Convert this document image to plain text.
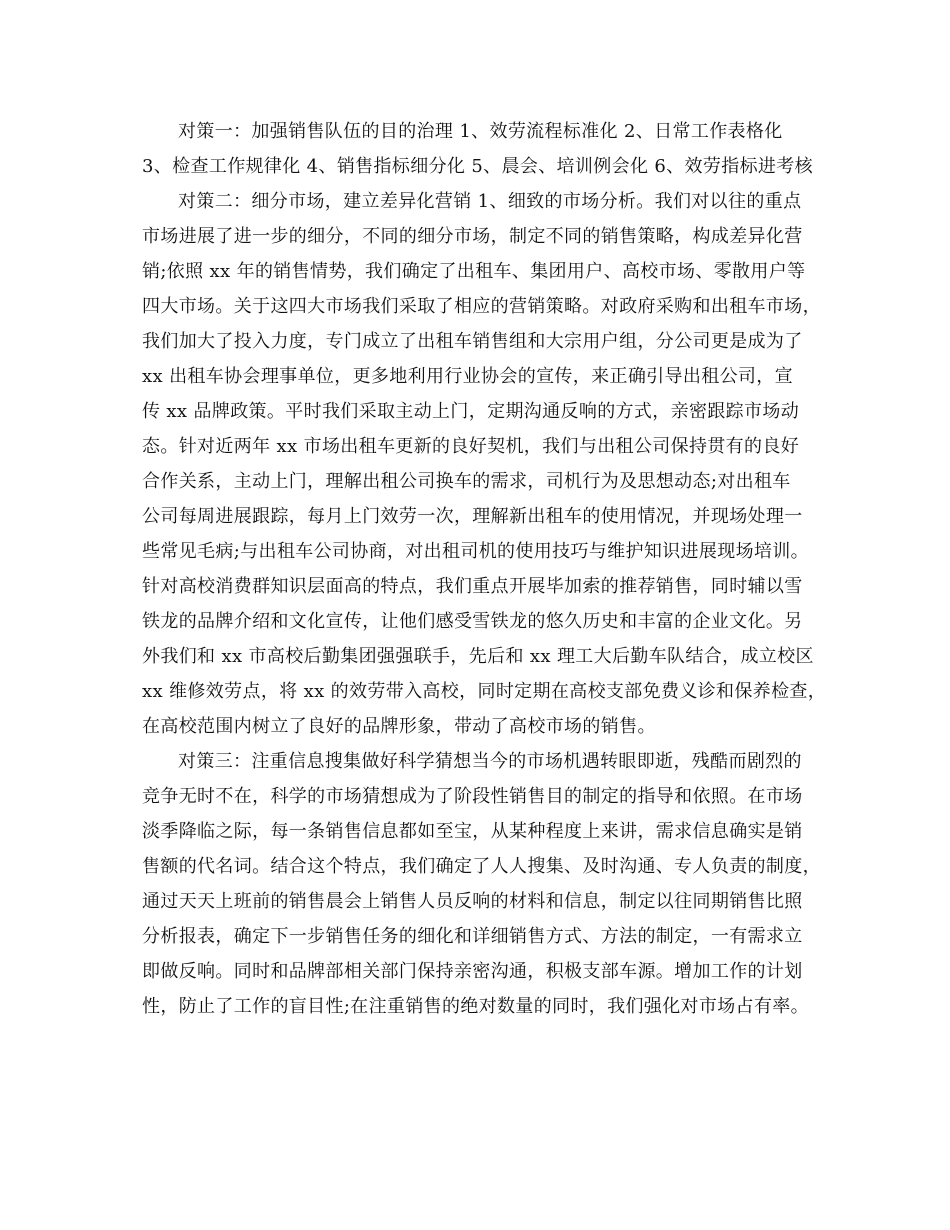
对策一：加强销售队伍的目的治理 1、效劳流程标准化 2、日常工作表格化
3、检查工作规律化 4、销售指标细分化 5、晨会、培训例会化 6、效劳指标进考核
对策二：细分市场，建立差异化营销 1、细致的市场分析。我们对以往的重点
市场进展了进一步的细分，不同的细分市场，制定不同的销售策略，构成差异化营
销;依照 xx 年的销售情势，我们确定了出租车、集团用户、高校市场、零散用户等
四大市场。关于这四大市场我们采取了相应的营销策略。对政府采购和出租车市场，
我们加大了投入力度，专门成立了出租车销售组和大宗用户组，分公司更是成为了
xx 出租车协会理事单位，更多地利用行业协会的宣传，来正确引导出租公司，宣
传 xx 品牌政策。平时我们采取主动上门，定期沟通反响的方式，亲密跟踪市场动
态。针对近两年 xx 市场出租车更新的良好契机，我们与出租公司保持贯有的良好
合作关系，主动上门，理解出租公司换车的需求，司机行为及思想动态;对出租车
公司每周进展跟踪，每月上门效劳一次，理解新出租车的使用情况，并现场处理一
些常见毛病;与出租车公司协商，对出租司机的使用技巧与维护知识进展现场培训。
针对高校消费群知识层面高的特点，我们重点开展毕加索的推荐销售，同时辅以雪
铁龙的品牌介绍和文化宣传，让他们感受雪铁龙的悠久历史和丰富的企业文化。另
外我们和 xx 市高校后勤集团强强联手，先后和 xx 理工大后勤车队结合，成立校区
xx 维修效劳点，将 xx 的效劳带入高校，同时定期在高校支部免费义诊和保养检查，
在高校范围内树立了良好的品牌形象，带动了高校市场的销售。
对策三：注重信息搜集做好科学猜想当今的市场机遇转眼即逝，残酷而剧烈的
竞争无时不在，科学的市场猜想成为了阶段性销售目的制定的指导和依照。在市场
淡季降临之际，每一条销售信息都如至宝，从某种程度上来讲，需求信息确实是销
售额的代名词。结合这个特点，我们确定了人人搜集、及时沟通、专人负责的制度，
通过天天上班前的销售晨会上销售人员反响的材料和信息，制定以往同期销售比照
分析报表，确定下一步销售任务的细化和详细销售方式、方法的制定，一有需求立
即做反响。同时和品牌部相关部门保持亲密沟通，积极支部车源。增加工作的计划
性，防止了工作的盲目性;在注重销售的绝对数量的同时，我们强化对市场占有率。
